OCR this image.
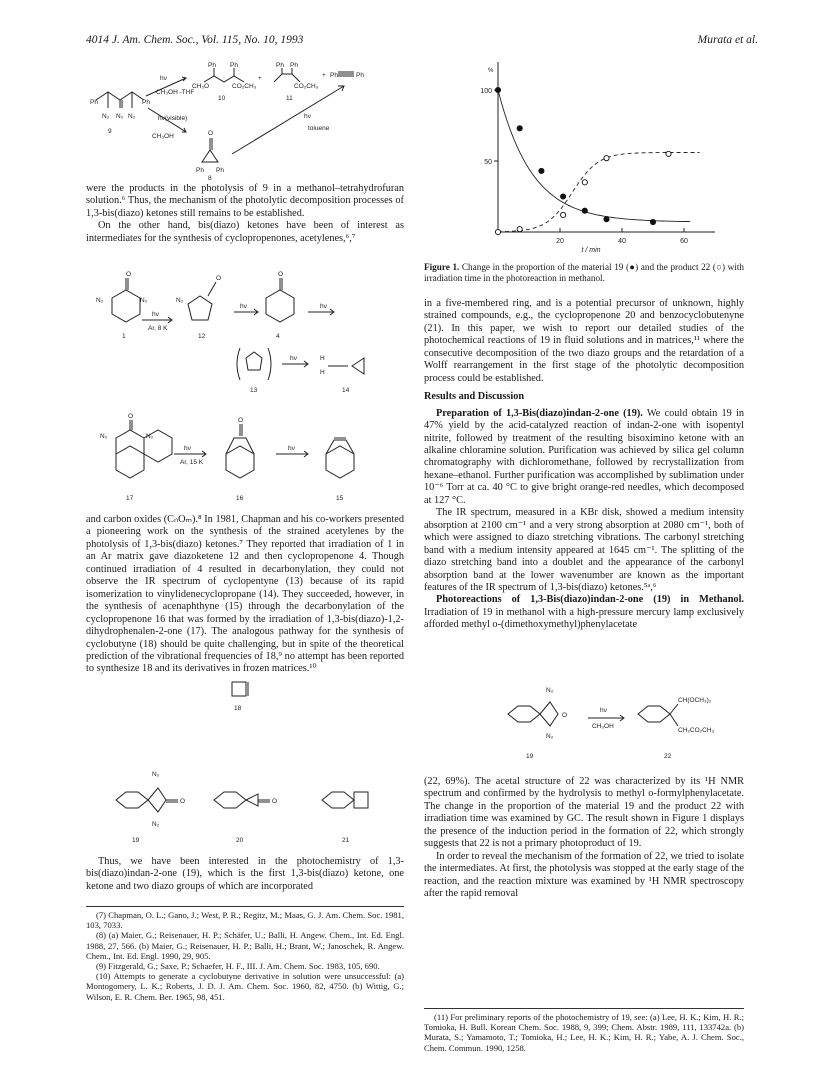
4014 J. Am. Chem. Soc., Vol. 115, No. 10, 1993	Murata et al.
Ph	Ph
N₂
N₂	N₂
9
hν
CH₃OH -THF
hν(visible)
CH₃OH
CH₃O	CO₂CH₃
Ph Ph
10
+
Ph Ph
CO₂CH₃
11
+ Ph	Ph
Ph Ph
O
8
hν
toluene

were the products in the photolysis of 9 in a methanol–tetrahydrofuran solution.⁶ Thus, the mechanism of the photolytic decomposition processes of 1,3-bis(diazo) ketones still remains to be established.

On the other hand, bis(diazo) ketones have been of interest as intermediates for the synthesis of cyclopropenones, acetylenes,⁶,⁷

N₂	N₂
O
1
hν
Ar, 8 K
N₂
O
12
hν
O
4
hν
13
hν	H
H
14
N₂	N₂
O
17
hν
Ar, 15 K
O
16
hν
15

and carbon oxides (CₙOₘ).⁸ In 1981, Chapman and his co-workers presented a pioneering work on the synthesis of the strained acetylenes by the photolysis of 1,3-bis(diazo) ketones.⁷ They reported that irradiation of 1 in an Ar matrix gave diazoketene 12 and then cyclopropenone 4. Though continued irradiation of 4 resulted in decarbonylation, they could not observe the IR spectrum of cyclopentyne (13) because of its rapid isomerization to vinylidenecyclopropane (14). They succeeded, however, in the synthesis of acenaphthyne (15) through the decarbonylation of the cyclopropenone 16 that was formed by the irradiation of 1,3-bis(diazo)-1,2-dihydrophenalen-2-one (17). The analogous pathway for the synthesis of cyclobutyne (18) should be quite challenging, but in spite of the theoretical prediction of the vibrational frequencies of 18,⁹ no attempt has been reported to synthesize 18 and its derivatives in frozen matrices.¹⁰

18
N₂
O
N₂
19
O
20	21

Thus, we have been interested in the photochemistry of 1,3-bis(diazo)indan-2-one (19), which is the first 1,3-bis(diazo) ketone, one ketone and two diazo groups of which are incorporated

(7) Chapman, O. L.; Gano, J.; West, P. R.; Regitz, M.; Maas, G. J. Am. Chem. Soc. 1981, 103, 7033.

(8) (a) Maier, G.; Reisenauer, H. P.; Schäfer, U.; Balli, H. Angew. Chem., Int. Ed. Engl. 1988, 27, 566. (b) Maier, G.; Reisenauer, H. P.; Balli, H.; Brant, W.; Janoschek, R. Angew. Chem., Int. Ed. Engl. 1990, 29, 905.

(9) Fitzgerald, G.; Saxe, P.; Schaefer, H. F., III. J. Am. Chem. Soc. 1983, 105, 690.

(10) Attempts to generate a cyclobutyne derivative in solution were unsuccessful: (a) Montogomery, L. K.; Roberts, J. D. J. Am. Chem. Soc. 1960, 82, 4750. (b) Wittig, G.; Wilson, E. R. Chem. Ber. 1965, 98, 451.

100
50
%
20	40	60
t / min
Figure 1. Change in the proportion of the material 19 (●) and the product 22 (○) with irradiation time in the photoreaction in methanol.

in a five-membered ring, and is a potential precursor of unknown, highly strained compounds, e.g., the cyclopropenone 20 and benzocyclobutenyne (21). In this paper, we wish to report our detailed studies of the photochemical reactions of 19 in fluid solutions and in matrices,¹¹ where the consecutive decomposition of the two diazo groups and the retardation of a Wolff rearrangement in the first stage of the photolytic decomposition process could be established.

Results and Discussion

Preparation of 1,3-Bis(diazo)indan-2-one (19). We could obtain 19 in 47% yield by the acid-catalyzed reaction of indan-2-one with isopentyl nitrite, followed by treatment of the resulting bisoximino ketone with an alkaline chloramine solution. Purification was achieved by silica gel column chromatography with dichloromethane, followed by recrystallization from hexane–ethanol. Further purification was accomplished by sublimation under 10⁻⁶ Torr at ca. 40 °C to give bright orange-red needles, which decomposed at 127 °C.

The IR spectrum, measured in a KBr disk, showed a medium intensity absorption at 2100 cm⁻¹ and a very strong absorption at 2080 cm⁻¹, both of which were assigned to diazo stretching vibrations. The carbonyl stretching band with a medium intensity appeared at 1645 cm⁻¹. The splitting of the diazo stretching band into a doublet and the appearance of the carbonyl absorption band at the lower wavenumber are known as the important features of the IR spectrum of 1,3-bis(diazo) ketones.⁵ᵃ,⁶

Photoreactions of 1,3-Bis(diazo)indan-2-one (19) in Methanol. Irradiation of 19 in methanol with a high-pressure mercury lamp exclusively afforded methyl o-(dimethoxymethyl)phenylacetate

N₂
O
N₂
19
hν
CH₃OH
CH(OCH₃)₂
CH₂CO₂CH₃
22

(22, 69%). The acetal structure of 22 was characterized by its ¹H NMR spectrum and confirmed by the hydrolysis to methyl o-formylphenylacetate. The change in the proportion of the material 19 and the product 22 with irradiation time was examined by GC. The result shown in Figure 1 displays the presence of the induction period in the formation of 22, which strongly suggests that 22 is not a primary photoproduct of 19.

In order to reveal the mechanism of the formation of 22, we tried to isolate the intermediates. At first, the photolysis was stopped at the early stage of the reaction, and the reaction mixture was examined by ¹H NMR spectroscopy after the rapid removal

(11) For preliminary reports of the photochemistry of 19, see: (a) Lee, H. K.; Kim, H. R.; Tomioka, H. Bull. Korean Chem. Soc. 1988, 9, 399; Chem. Abstr. 1989, 111, 133742a. (b) Murata, S.; Yamamoto, T.; Tomioka, H.; Lee, H. K.; Kim, H. R.; Yabe, A. J. Chem. Soc., Chem. Commun. 1990, 1258.
